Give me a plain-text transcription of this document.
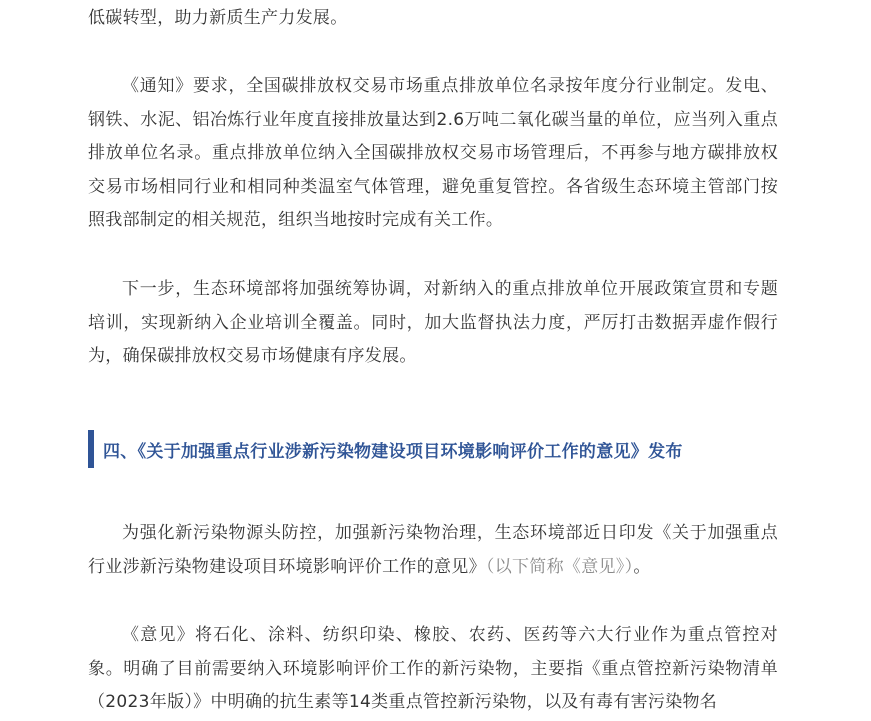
低碳转型，助力新质生产力发展。

《通知》要求，全国碳排放权交易市场重点排放单位名录按年度分行业制定。发电、钢铁、水泥、铝冶炼行业年度直接排放量达到2.6万吨二氧化碳当量的单位，应当列入重点排放单位名录。重点排放单位纳入全国碳排放权交易市场管理后，不再参与地方碳排放权交易市场相同行业和相同种类温室气体管理，避免重复管控。各省级生态环境主管部门按照我部制定的相关规范，组织当地按时完成有关工作。

下一步，生态环境部将加强统筹协调，对新纳入的重点排放单位开展政策宣贯和专题培训，实现新纳入企业培训全覆盖。同时，加大监督执法力度，严厉打击数据弄虚作假行为，确保碳排放权交易市场健康有序发展。

四、《关于加强重点行业涉新污染物建设项目环境影响评价工作的意见》发布

为强化新污染物源头防控，加强新污染物治理，生态环境部近日印发《关于加强重点行业涉新污染物建设项目环境影响评价工作的意见》（以下简称《意见》）。

《意见》将石化、涂料、纺织印染、橡胶、农药、医药等六大行业作为重点管控对象。明确了目前需要纳入环境影响评价工作的新污染物，主要指《重点管控新污染物清单（2023年版）》中明确的抗生素等14类重点管控新污染物，以及有毒有害污染物名
